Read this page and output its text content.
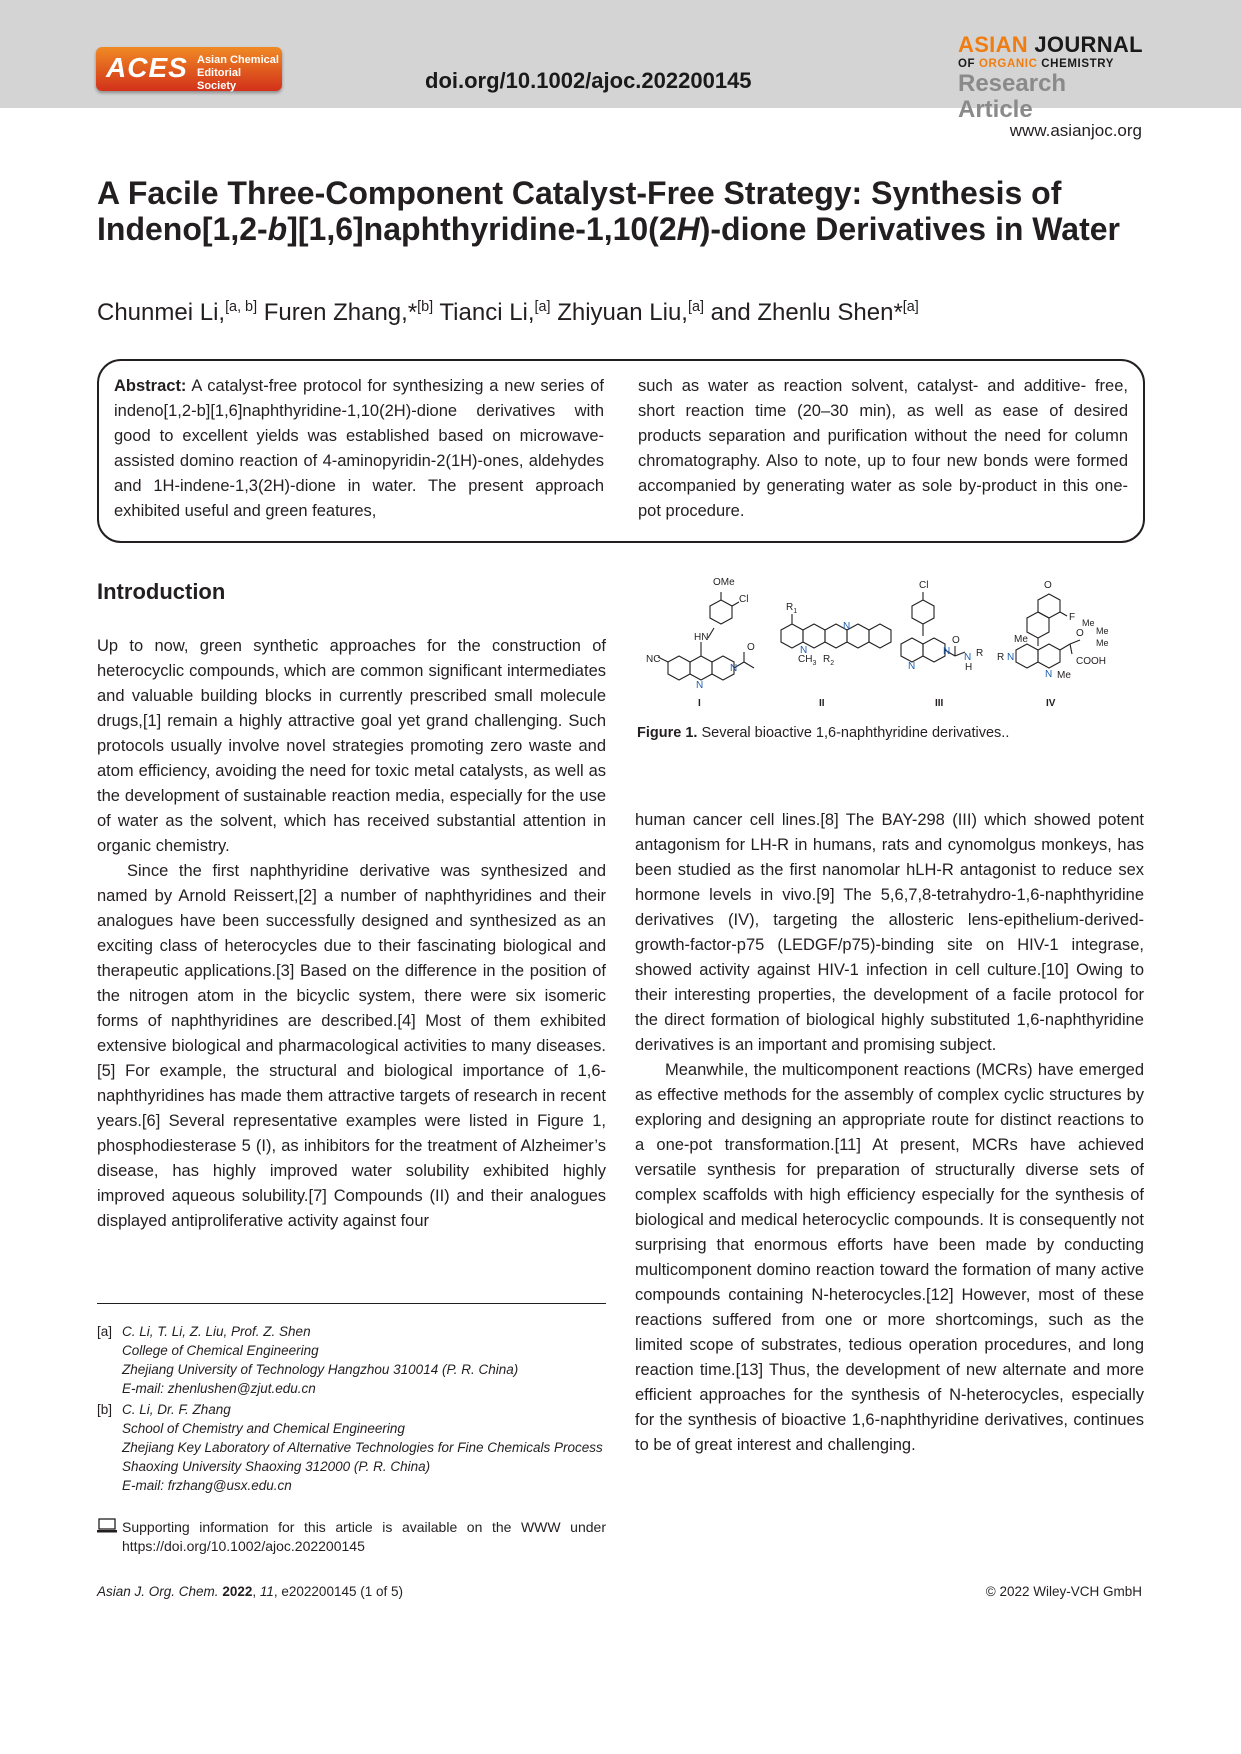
ACES Asian Chemical
Editorial Society	doi.org/10.1002/ajoc.202200145
ASIAN JOURNAL
OF ORGANIC CHEMISTRY
Research Article
www.asianjoc.org
A Facile Three-Component Catalyst-Free Strategy: Synthesis of Indeno[1,2-b][1,6]naphthyridine-1,10(2H)-dione Derivatives in Water
Chunmei Li,[a, b] Furen Zhang,*[b] Tianci Li,[a] Zhiyuan Liu,[a] and Zhenlu Shen*[a]
Abstract: A catalyst-free protocol for synthesizing a new series of indeno[1,2-b][1,6]naphthyridine-1,10(2H)-dione derivatives with good to excellent yields was established based on microwave-assisted domino reaction of 4-aminopyridin-2(1H)-ones, aldehydes and 1H-indene-1,3(2H)-dione in water. The present approach exhibited useful and green features,
such as water as reaction solvent, catalyst- and additive- free, short reaction time (20–30 min), as well as ease of desired products separation and purification without the need for column chromatography. Also to note, up to four new bonds were formed accompanied by generating water as sole by-product in this one-pot procedure.
Introduction

Up to now, green synthetic approaches for the construction of heterocyclic compounds, which are common significant intermediates and valuable building blocks in currently prescribed small molecule drugs,[1] remain a highly attractive goal yet grand challenging. Such protocols usually involve novel strategies promoting zero waste and atom efficiency, avoiding the need for toxic metal catalysts, as well as the development of sustainable reaction media, especially for the use of water as the solvent, which has received substantial attention in organic chemistry.

Since the first naphthyridine derivative was synthesized and named by Arnold Reissert,[2] a number of naphthyridines and their analogues have been successfully designed and synthesized as an exciting class of heterocycles due to their fascinating biological and therapeutic applications.[3] Based on the difference in the position of the nitrogen atom in the bicyclic system, there were six isomeric forms of naphthyridines are described.[4] Most of them exhibited extensive biological and pharmacological activities to many diseases.[5] For example, the structural and biological importance of 1,6-naphthyridines has made them attractive targets of research in recent years.[6] Several representative examples were listed in Figure 1, phosphodiesterase 5 (I), as inhibitors for the treatment of Alzheimer’s disease, has highly improved water solubility exhibited highly improved aqueous solubility.[7] Compounds (II) and their analogues displayed antiproliferative activity against four

human cancer cell lines.[8] The BAY-298 (III) which showed potent antagonism for LH-R in humans, rats and cynomolgus monkeys, has been studied as the first nanomolar hLH-R antagonist to reduce sex hormone levels in vivo.[9] The 5,6,7,8-tetrahydro-1,6-naphthyridine derivatives (IV), targeting the allosteric lens-epithelium-derived-growth-factor-p75 (LEDGF/p75)-binding site on HIV-1 integrase, showed activity against HIV-1 infection in cell culture.[10] Owing to their interesting properties, the development of a facile protocol for the direct formation of biological highly substituted 1,6-naphthyridine derivatives is an important and promising subject.

Meanwhile, the multicomponent reactions (MCRs) have emerged as effective methods for the assembly of complex cyclic structures by exploring and designing an appropriate route for distinct reactions to a one-pot transformation.[11] At present, MCRs have achieved versatile synthesis for preparation of structurally diverse sets of complex scaffolds with high efficiency especially for the synthesis of biological and medical heterocyclic compounds. It is consequently not surprising that enormous efforts have been made by conducting multicomponent domino reaction toward the formation of many active compounds containing N-heterocycles.[12] However, most of these reactions suffered from one or more shortcomings, such as the limited scope of substrates, tedious operation procedures, and long reaction time.[13] Thus, the development of new alternate and more efficient approaches for the synthesis of N-heterocycles, especially for the synthesis of bioactive 1,6-naphthyridine derivatives, continues to be of great interest and challenging.

NC
HN
OMe
Cl
N
N
O
I
$R_1$
$CH_3$ $R_2$
N
N
II
Cl
N
N
O
N
H
R
III
O
F
Me
O
Me
Me
Me
COOH
R N
N Me
IV
Figure 1. Several bioactive 1,6-naphthyridine derivatives..
[a] C. Li, T. Li, Z. Liu, Prof. Z. Shen
College of Chemical Engineering
Zhejiang University of Technology Hangzhou 310014 (P. R. China)
E-mail: zhenlushen@zjut.edu.cn
[b] C. Li, Dr. F. Zhang
School of Chemistry and Chemical Engineering
Zhejiang Key Laboratory of Alternative Technologies for Fine Chemicals Process
Shaoxing University Shaoxing 312000 (P. R. China)
E-mail: frzhang@usx.edu.cn
Supporting information for this article is available on the WWW under https://doi.org/10.1002/ajoc.202200145
Asian J. Org. Chem. 2022, 11, e202200145 (1 of 5)	© 2022 Wiley-VCH GmbH
